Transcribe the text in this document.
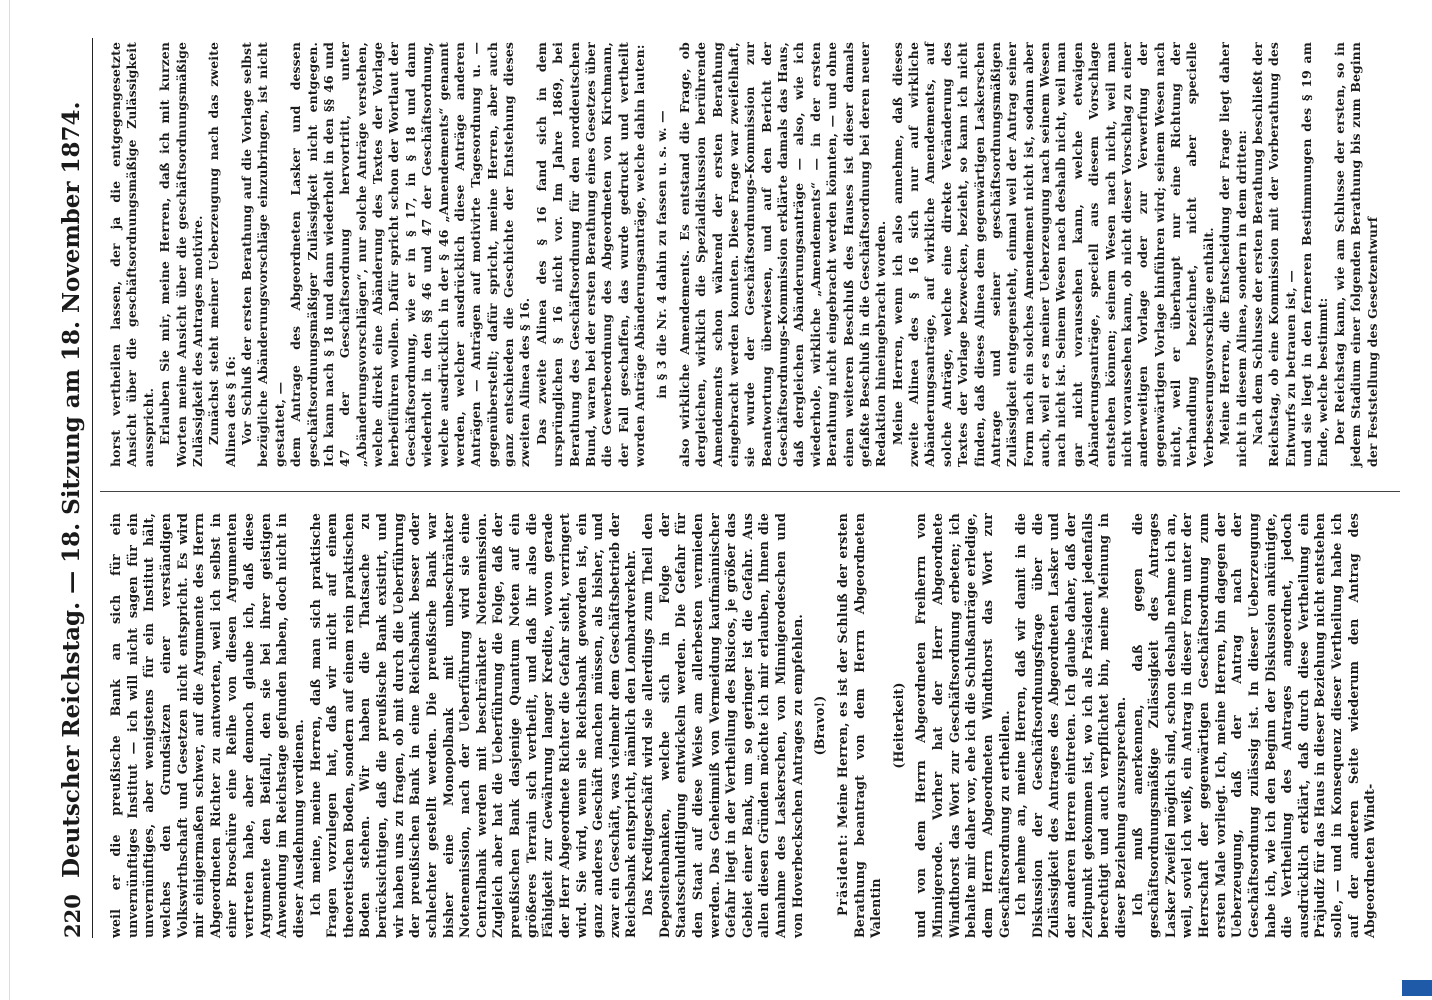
220
Deutscher Reichstag. — 18. Sitzung am 18. November 1874. weil er die preußische Bank an sich für ein unvernünftiges Institut — ich will nicht sagen für ein unvernünftiges, aber wenigstens für ein Institut hält, welches den Grundsätzen einer verständigen Volkswirthschaft und Gesetzen nicht entspricht. Es wird mir einigermaßen schwer, auf die Argumente des Herrn Abgeordneten Richter zu antworten, weil ich selbst in einer Broschüre eine Reihe von diesen Argumenten vertreten habe, aber dennoch glaube ich, daß diese Argumente den Beifall, den sie bei ihrer geistigen Anwendung im Reichstage gefunden haben, doch nicht in dieser Ausdehnung verdienen. Ich meine, meine Herren, daß man sich praktische Fragen vorzulegen hat, daß wir nicht auf einem theoretischen Boden, sondern auf einem rein praktischen Boden stehen. Wir haben die Thatsache zu berücksichtigen, daß die preußische Bank existirt, und wir haben uns zu fragen, ob mit durch die Ueberführung der preußischen Bank in eine Reichsbank besser oder schlechter gestellt werden. Die preußische Bank war bisher eine Monopolbank mit unbeschränkter Notenemission, nach der Ueberführung wird sie eine Centralbank werden mit beschränkter Notenemission. Zugleich aber hat die Ueberführung die Folge, daß der preußischen Bank dasjenige Quantum Noten auf ein größeres Terrain sich vertheilt, und daß ihr also die Fähigkeit zur Gewährung langer Kredite, wovon gerade der Herr Abgeordnete Richter die Gefahr sieht, verringert wird. Sie wird, wenn sie Reichsbank geworden ist, ein ganz anderes Geschäft machen müssen, als bisher, und zwar ein Geschäft, was vielmehr dem Geschäftsbetrieb der Reichsbank entspricht, nämlich den Lombardverkehr. Das Kreditgeschäft wird sie allerdings zum Theil den Depositenbanken, welche sich in Folge der Staatsschuldtilgung entwickeln werden. Die Gefahr für den Staat auf diese Weise am allerbesten vermieden werden. Das Geheimniß von Vermeidung kaufmännischer Gefahr liegt in der Vertheilung des Risicos, je größer das Gebiet einer Bank, um so geringer ist die Gefahr. Aus allen diesen Gründen möchte ich mir erlauben, Ihnen die Annahme des Laskerschen, von Minnigerodeschen und von Hoverbeckschen Antrages zu empfehlen. (Bravo!)

Präsident: Meine Herren, es ist der Schluß der ersten Berathung beantragt von dem Herrn Abgeordneten Valentin

(Heiterkeit) und von dem Herrn Abgeordneten Freiherrn von Minnigerode. Vorher hat der Herr Abgeordnete Windthorst das Wort zur Geschäftsordnung erbeten; ich behalte mir daher vor, ehe ich die Schlußanträge erledige, dem Herrn Abgeordneten Windthorst das Wort zur Geschäftsordnung zu ertheilen. Ich nehme an, meine Herren, daß wir damit in die Diskussion der Geschäftsordnungsfrage über die Zulässigkeit des Antrages des Abgeordneten Lasker und der anderen Herren eintreten. Ich glaube daher, daß der Zeitpunkt gekommen ist, wo ich als Präsident jedenfalls berechtigt und auch verpflichtet bin, meine Meinung in dieser Beziehung auszusprechen. Ich muß anerkennen, daß gegen die geschäftsordnungsmäßige Zulässigkeit des Antrages Lasker Zweifel möglich sind, schon deshalb nehme ich an, weil, soviel ich weiß, ein Antrag in dieser Form unter der Herrschaft der gegenwärtigen Geschäftsordnung zum ersten Male vorliegt. Ich, meine Herren, bin dagegen der Ueberzeugung, daß der Antrag nach der Geschäftsordnung zulässig ist. In dieser Ueberzeugung habe ich, wie ich den Beginn der Diskussion anküntigte, die Vertheilung des Antrages angeordnet, jedoch ausdrücklich erklärt, daß durch diese Vertheilung ein Präjudiz für das Haus in dieser Beziehung nicht entstehen solle, — und in Konsequenz dieser Vertheilung habe ich auf der anderen Seite wiederum den Antrag des Abgeordneten Windt-

horst vertheilen lassen, der ja die entgegengesetzte Ansicht über die geschäftsordnungsmäßige Zulässigkeit ausspricht. Erlauben Sie mir, meine Herren, daß ich mit kurzen Worten meine Ansicht über die geschäftsordnungsmäßige Zulässigkeit des Antrages motivire. Zunächst steht meiner Ueberzeugung nach das zweite Alinea des § 16: Vor Schluß der ersten Berathung auf die Vorlage selbst bezügliche Abänderungsvorschläge einzubringen, ist nicht gestattet, — dem Antrage des Abgeordneten Lasker und dessen geschäftsordnungsmäßiger Zulässigkeit nicht entgegen. Ich kann nach § 18 und dann wiederholt in den §§ 46 und 47 der Geschäftsordnung hervortritt, unter „Abänderungsvorschlägen“, nur solche Anträge verstehen, welche direkt eine Abänderung des Textes der Vorlage herbeiführen wollen. Dafür spricht schon der Wortlaut der Geschäftsordnung, wie er in § 17, in § 18 und dann wiederholt in den §§ 46 und 47 der Geschäftsordnung, welche ausdrücklich in der § 46 „Amendements“ genannt werden, welcher ausdrücklich diese Anträge anderen Anträgen — Anträgen auf motivirte Tagesordnung u. — gegenüberstellt; dafür spricht, meine Herren, aber auch ganz entschieden die Geschichte der Entstehung dieses zweiten Alinea des § 16. Das zweite Alinea des § 16 fand sich in dem ursprünglichen § 16 nicht vor. Im Jahre 1869, bei Berathung des Geschäftsordnung für den norddeutschen Bund, waren bei der ersten Berathung eines Gesetzes über die Gewerbeordnung des Abgeordneten von Kirchmann, der Fall geschaffen, das wurde gedruckt und vertheilt worden Anträge Abänderungsanträge, welche dahin lauten: in § 3 die Nr. 4 dahin zu fassen u. s. w. — also wirkliche Amendements. Es entstand die Frage, ob dergleichen, wirklich die Spezialdiskussion berührende Amendements schon während der ersten Berathung eingebracht werden konnten. Diese Frage war zweifelhaft, sie wurde der Geschäftsordnungs-Kommission zur Beantwortung überwiesen, und auf den Bericht der Geschäftsordnungs-Kommission erklärte damals das Haus, daß dergleichen Abänderungsanträge — also, wie ich wiederhole, wirkliche „Amendements“ — in der ersten Berathung nicht eingebracht werden könnten, — und ohne einen weiteren Beschluß des Hauses ist dieser damals gefaßte Beschluß in die Geschäftsordnung bei deren neuer Redaktion hineingebracht worden. Meine Herren, wenn ich also annehme, daß dieses zweite Alinea des § 16 sich nur auf wirkliche Abänderungsanträge, auf wirkliche Amendements, auf solche Anträge, welche eine direkte Veränderung des Textes der Vorlage bezwecken, bezieht, so kann ich nicht finden, daß dieses Alinea dem gegenwärtigen Laskerschen Antrage und seiner geschäftsordnungsmäßigen Zulässigkeit entgegensteht, einmal weil der Antrag seiner Form nach ein solches Amendement nicht ist, sodann aber auch, weil er es meiner Ueberzeugung nach seinem Wesen nach nicht ist. Seinem Wesen nach deshalb nicht, weil man gar nicht voraussehen kann, welche etwaigen Abänderungsanträge, speciell aus diesem Vorschlage entstehen können; seinem Wesen nach nicht, weil man nicht voraussehen kann, ob nicht dieser Vorschlag zu einer anderweitigen Vorlage oder zur Verwerfung der gegenwärtigen Vorlage hinführen wird; seinem Wesen nach nicht, weil er überhaupt nur eine Richtung der Verhandlung bezeichnet, nicht aber specielle Verbesserungsvorschläge enthält. Meine Herren, die Entscheidung der Frage liegt daher nicht in diesem Alinea, sondern in dem dritten: Nach dem Schlusse der ersten Berathung beschließt der Reichstag, ob eine Kommission mit der Vorberathung des Entwurfs zu betrauen ist, — und sie liegt in den ferneren Bestimmungen des § 19 am Ende, welche bestimmt: Der Reichstag kann, wie am Schlusse der ersten, so in jedem Stadium einer folgenden Berathung bis zum Beginn der Feststellung des Gesetzentwurf
